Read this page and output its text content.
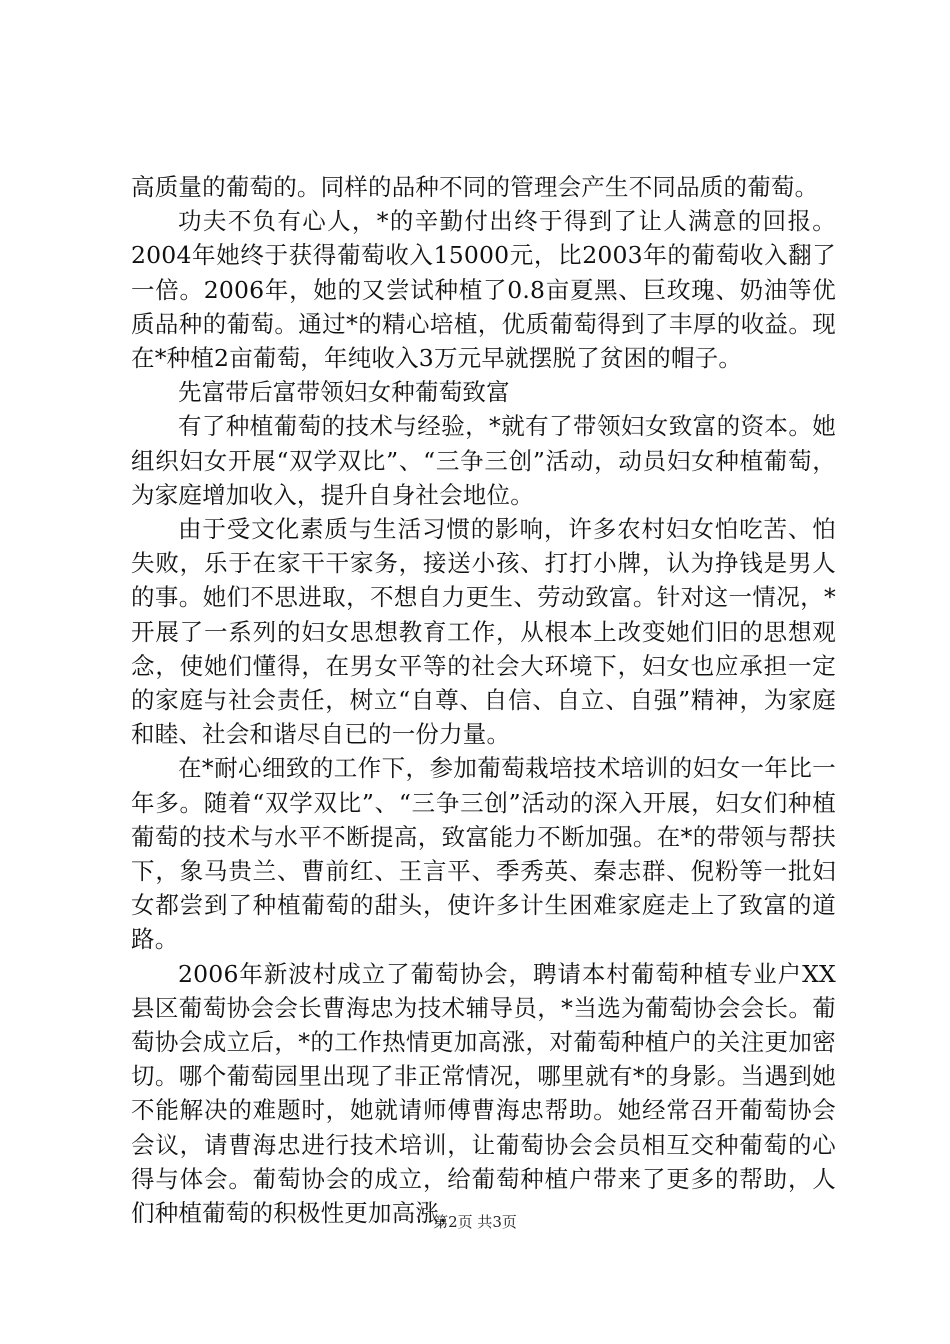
高质量的葡萄的。同样的品种不同的管理会产生不同品质的葡萄。

功夫不负有心人，*的辛勤付出终于得到了让人满意的回报。2004年她终于获得葡萄收入15000元，比2003年的葡萄收入翻了一倍。2006年，她的又尝试种植了0.8亩夏黑、巨玫瑰、奶油等优质品种的葡萄。通过*的精心培植，优质葡萄得到了丰厚的收益。现在*种植2亩葡萄，年纯收入3万元早就摆脱了贫困的帽子。

先富带后富带领妇女种葡萄致富

有了种植葡萄的技术与经验，*就有了带领妇女致富的资本。她组织妇女开展“双学双比”、“三争三创”活动，动员妇女种植葡萄，为家庭增加收入，提升自身社会地位。

由于受文化素质与生活习惯的影响，许多农村妇女怕吃苦、怕失败，乐于在家干干家务，接送小孩、打打小牌，认为挣钱是男人的事。她们不思进取，不想自力更生、劳动致富。针对这一情况，*开展了一系列的妇女思想教育工作，从根本上改变她们旧的思想观念，使她们懂得，在男女平等的社会大环境下，妇女也应承担一定的家庭与社会责任，树立“自尊、自信、自立、自强”精神，为家庭和睦、社会和谐尽自已的一份力量。

在*耐心细致的工作下，参加葡萄栽培技术培训的妇女一年比一年多。随着“双学双比”、“三争三创”活动的深入开展，妇女们种植葡萄的技术与水平不断提高，致富能力不断加强。在*的带领与帮扶下，象马贵兰、曹前红、王言平、季秀英、秦志群、倪粉等一批妇女都尝到了种植葡萄的甜头，使许多计生困难家庭走上了致富的道路。

2006年新波村成立了葡萄协会，聘请本村葡萄种植专业户XX县区葡萄协会会长曹海忠为技术辅导员，*当选为葡萄协会会长。葡萄协会成立后，*的工作热情更加高涨，对葡萄种植户的关注更加密切。哪个葡萄园里出现了非正常情况，哪里就有*的身影。当遇到她不能解决的难题时，她就请师傅曹海忠帮助。她经常召开葡萄协会会议，请曹海忠进行技术培训，让葡萄协会会员相互交种葡萄的心得与体会。葡萄协会的成立，给葡萄种植户带来了更多的帮助，人们种植葡萄的积极性更加高涨，

第2页 共3页
